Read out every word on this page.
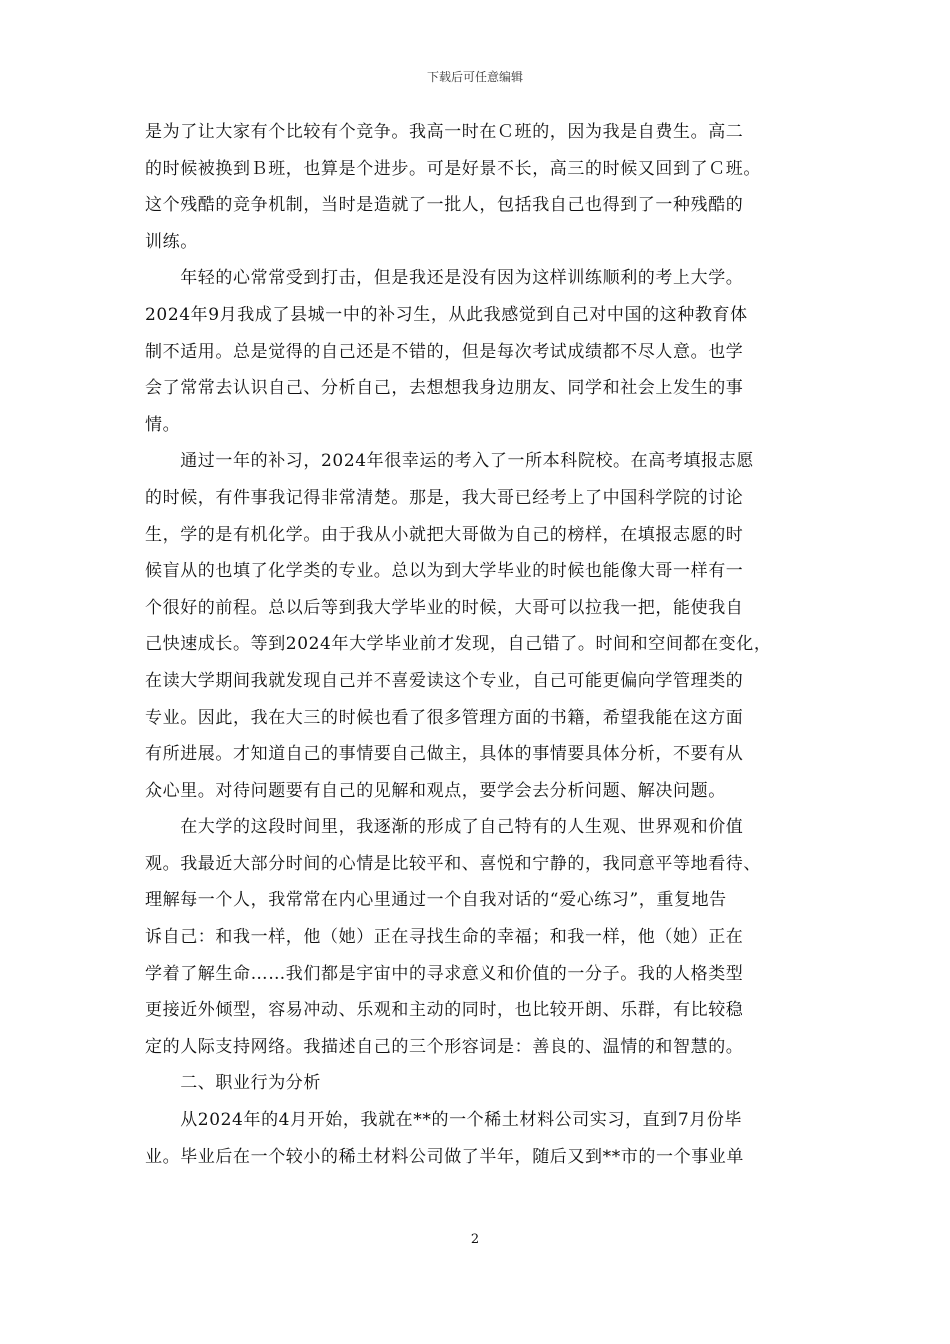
下载后可任意编辑
是为了让大家有个比较有个竞争。我高一时在Ｃ班的，因为我是自费生。高二
的时候被换到Ｂ班，也算是个进步。可是好景不长，高三的时候又回到了Ｃ班。
这个残酷的竞争机制，当时是造就了一批人，包括我自己也得到了一种残酷的
训练。
　　年轻的心常常受到打击，但是我还是没有因为这样训练顺利的考上大学。
2024年9月我成了县城一中的补习生，从此我感觉到自己对中国的这种教育体
制不适用。总是觉得的自己还是不错的，但是每次考试成绩都不尽人意。也学
会了常常去认识自己、分析自己，去想想我身边朋友、同学和社会上发生的事
情。
　　通过一年的补习，2024年很幸运的考入了一所本科院校。在高考填报志愿
的时候，有件事我记得非常清楚。那是，我大哥已经考上了中国科学院的讨论
生，学的是有机化学。由于我从小就把大哥做为自己的榜样，在填报志愿的时
候盲从的也填了化学类的专业。总以为到大学毕业的时候也能像大哥一样有一
个很好的前程。总以后等到我大学毕业的时候，大哥可以拉我一把，能使我自
己快速成长。等到2024年大学毕业前才发现，自己错了。时间和空间都在变化，
在读大学期间我就发现自己并不喜爱读这个专业，自己可能更偏向学管理类的
专业。因此，我在大三的时候也看了很多管理方面的书籍，希望我能在这方面
有所进展。才知道自己的事情要自己做主，具体的事情要具体分析，不要有从
众心里。对待问题要有自己的见解和观点，要学会去分析问题、解决问题。
　　在大学的这段时间里，我逐渐的形成了自己特有的人生观、世界观和价值
观。我最近大部分时间的心情是比较平和、喜悦和宁静的，我同意平等地看待、
理解每一个人，我常常在内心里通过一个自我对话的“爱心练习”，重复地告
诉自己：和我一样，他（她）正在寻找生命的幸福；和我一样，他（她）正在
学着了解生命……我们都是宇宙中的寻求意义和价值的一分子。我的人格类型
更接近外倾型，容易冲动、乐观和主动的同时，也比较开朗、乐群，有比较稳
定的人际支持网络。我描述自己的三个形容词是：善良的、温情的和智慧的。
　　二、职业行为分析
　　从2024年的4月开始，我就在**的一个稀土材料公司实习，直到7月份毕
业。毕业后在一个较小的稀土材料公司做了半年，随后又到**市的一个事业单
2
